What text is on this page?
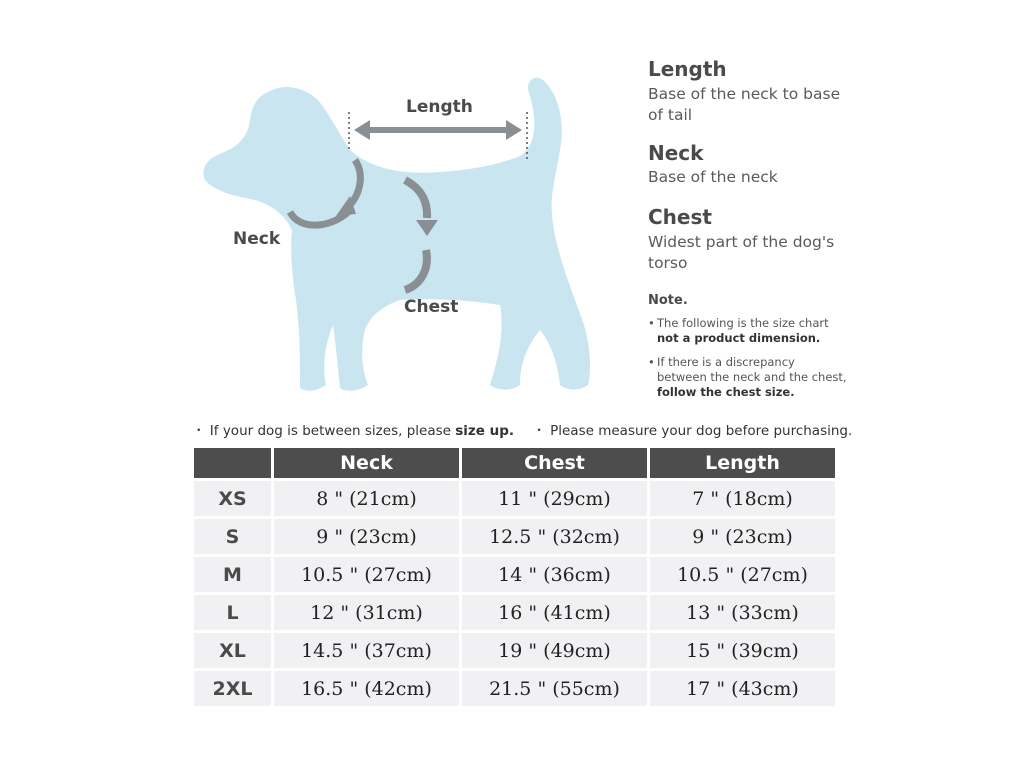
Length
Neck
Chest
Length
Base of the neck to base of tail
Neck
Base of the neck
Chest
Widest part of the dog's torso
Note.
• The following is the size chart
not a product dimension.
• If there is a discrepancy between the neck and the chest, follow the chest size.
・ If your dog is between sizes, please size up. ・ Please measure your dog before purchasing.
	Neck	Chest	Length
XS	8 " (21cm)	11 " (29cm)	7 " (18cm)
S	9 " (23cm)	12.5 " (32cm)	9 " (23cm)
M	10.5 " (27cm)	14 " (36cm)	10.5 " (27cm)
L	12 " (31cm)	16 " (41cm)	13 " (33cm)
XL	14.5 " (37cm)	19 " (49cm)	15 " (39cm)
2XL	16.5 " (42cm)	21.5 " (55cm)	17 " (43cm)
